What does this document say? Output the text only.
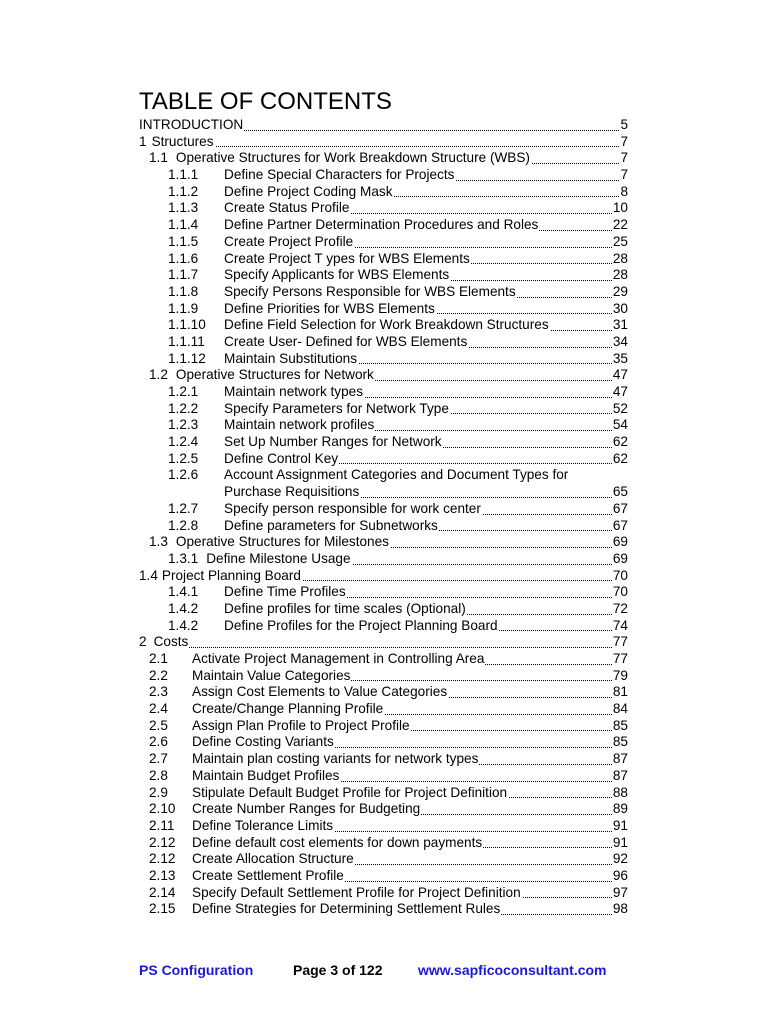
TABLE OF CONTENTS
INTRODUCTION	5
1 Structures	7
1.1 Operative Structures for Work Breakdown Structure (WBS)	7
1.1.1	Define Special Characters for Projects	7
1.1.2	Define Project Coding Mask	8
1.1.3	Create Status Profile	10
1.1.4	Define Partner Determination Procedures and Roles	22
1.1.5	Create Project Profile	25
1.1.6	Create Project T ypes for WBS Elements	28
1.1.7	Specify Applicants for WBS Elements	28
1.1.8	Specify Persons Responsible for WBS Elements	29
1.1.9	Define Priorities for WBS Elements	30
1.1.10	Define Field Selection for Work Breakdown Structures	31
1.1.11	Create User- Defined for WBS Elements	34
1.1.12	Maintain Substitutions	35
1.2 Operative Structures for Network	47
1.2.1	Maintain network types	47
1.2.2	Specify Parameters for Network Type	52
1.2.3	Maintain network profiles	54
1.2.4	Set Up Number Ranges for Network	62
1.2.5	Define Control Key	62
1.2.6	Account Assignment Categories and Document Types for Purchase Requisitions	65
1.2.7	Specify person responsible for work center	67
1.2.8	Define parameters for Subnetworks	67
1.3 Operative Structures for Milestones	69
1.3.1 Define Milestone Usage	69
1.4 Project Planning Board	70
1.4.1	Define Time Profiles	70
1.4.2	Define profiles for time scales (Optional)	72
1.4.2	Define Profiles for the Project Planning Board	74
2 Costs	77
2.1	Activate Project Management in Controlling Area	77
2.2	Maintain Value Categories	79
2.3	Assign Cost Elements to Value Categories	81
2.4	Create/Change Planning Profile	84
2.5	Assign Plan Profile to Project Profile	85
2.6	Define Costing Variants	85
2.7	Maintain plan costing variants for network types	87
2.8	Maintain Budget Profiles	87
2.9	Stipulate Default Budget Profile for Project Definition	88
2.10	Create Number Ranges for Budgeting	89
2.11	Define Tolerance Limits	91
2.12	Define default cost elements for down payments	91
2.12	Create Allocation Structure	92
2.13	Create Settlement Profile	96
2.14	Specify Default Settlement Profile for Project Definition	97
2.15	Define Strategies for Determining Settlement Rules	98
PS Configuration	Page 3 of 122	www.sapficoconsultant.com
